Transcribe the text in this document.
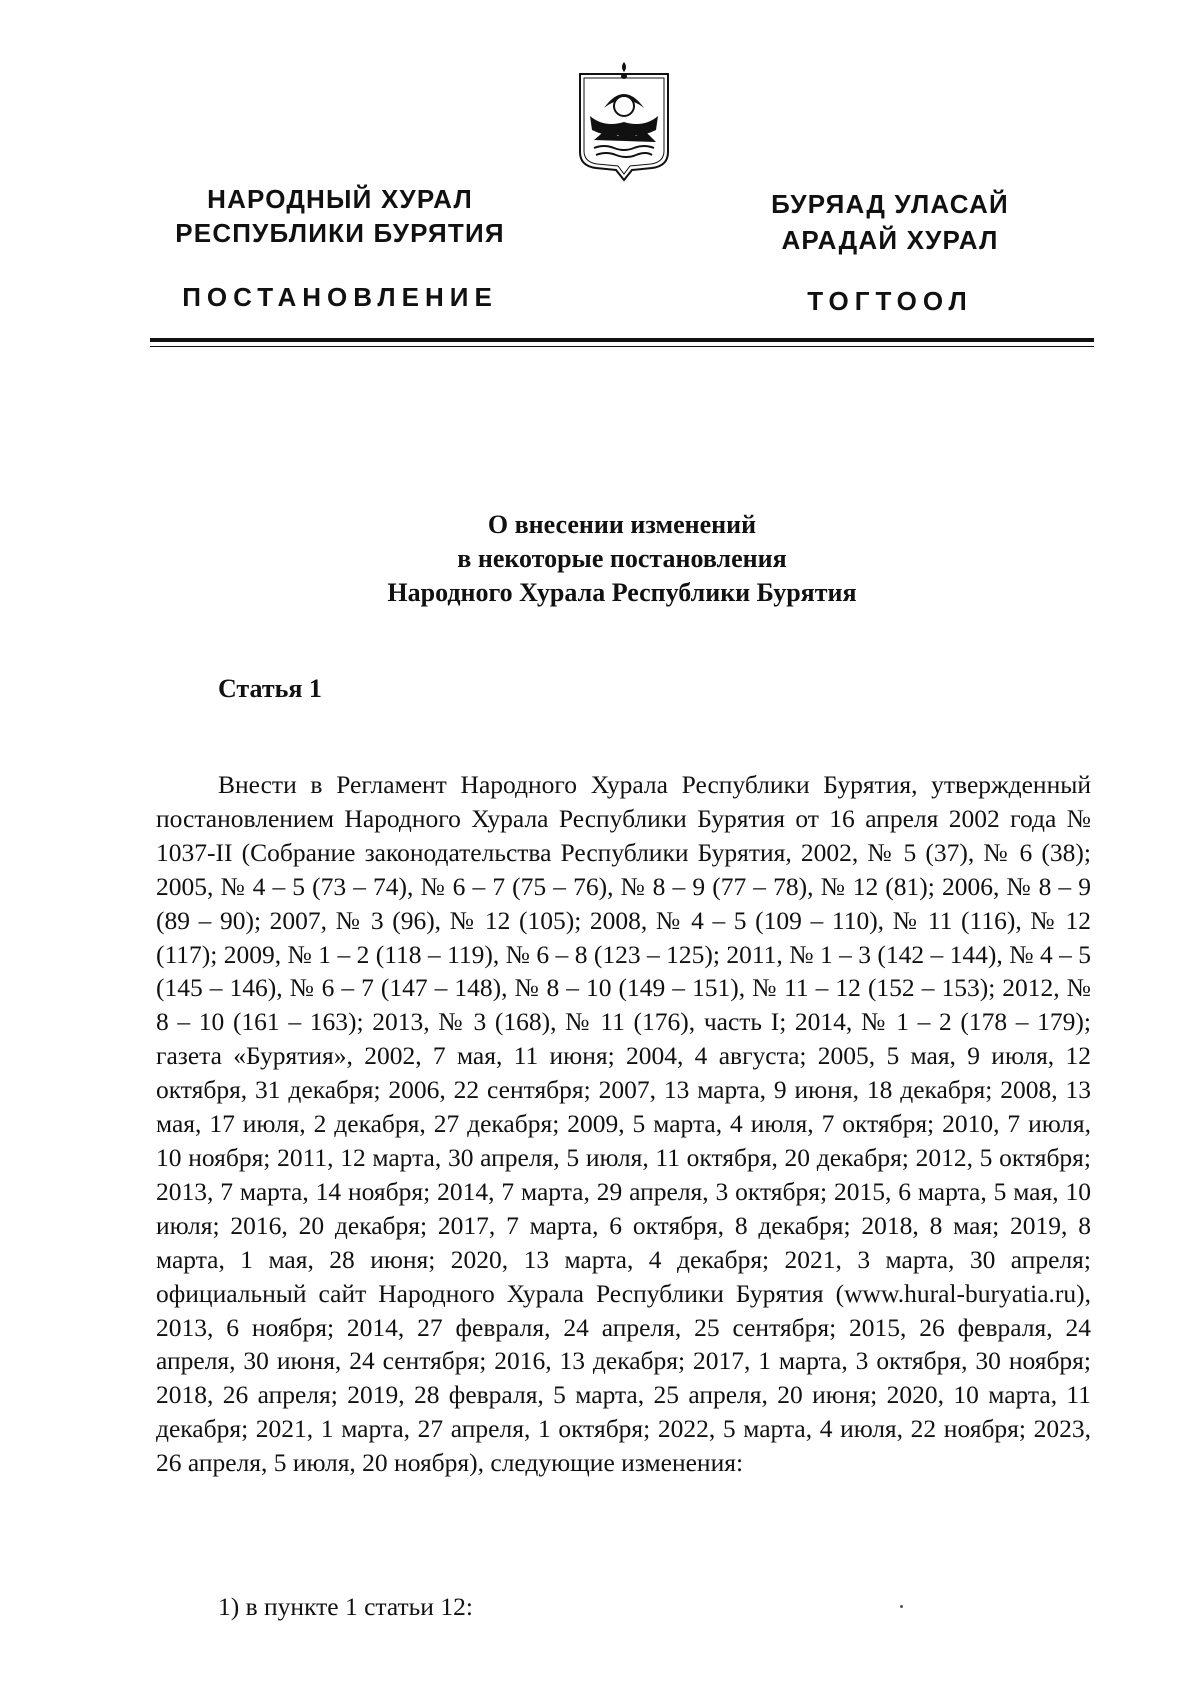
НАРОДНЫЙ ХУРАЛ
РЕСПУБЛИКИ БУРЯТИЯ
БУРЯАД УЛАСАЙ
АРАДАЙ ХУРАЛ
ПОСТАНОВЛЕНИЕ	ТОГТООЛ
О внесении изменений
в некоторые постановления
Народного Хурала Республики Бурятия
Статья 1

Внести в Регламент Народного Хурала Республики Бурятия, утвержденный постановлением Народного Хурала Республики Бурятия от 16 апреля 2002 года № 1037-II (Собрание законодательства Республики Бурятия, 2002, № 5 (37), № 6 (38); 2005, № 4 – 5 (73 – 74), № 6 – 7 (75 – 76), № 8 – 9 (77 – 78), № 12 (81); 2006, № 8 – 9 (89 – 90); 2007, № 3 (96), № 12 (105); 2008, № 4 – 5 (109 – 110), № 11 (116), № 12 (117); 2009, № 1 – 2 (118 – 119), № 6 – 8 (123 – 125); 2011, № 1 – 3 (142 – 144), № 4 – 5 (145 – 146), № 6 – 7 (147 – 148), № 8 – 10 (149 – 151), № 11 – 12 (152 – 153); 2012, № 8 – 10 (161 – 163); 2013, № 3 (168), № 11 (176), часть I; 2014, № 1 – 2 (178 – 179); газета «Бурятия», 2002, 7 мая, 11 июня; 2004, 4 августа; 2005, 5 мая, 9 июля, 12 октября, 31 декабря; 2006, 22 сентября; 2007, 13 марта, 9 июня, 18 декабря; 2008, 13 мая, 17 июля, 2 декабря, 27 декабря; 2009, 5 марта, 4 июля, 7 октября; 2010, 7 июля, 10 ноября; 2011, 12 марта, 30 апреля, 5 июля, 11 октября, 20 декабря; 2012, 5 октября; 2013, 7 марта, 14 ноября; 2014, 7 марта, 29 апреля, 3 октября; 2015, 6 марта, 5 мая, 10 июля; 2016, 20 декабря; 2017, 7 марта, 6 октября, 8 декабря; 2018, 8 мая; 2019, 8 марта, 1 мая, 28 июня; 2020, 13 марта, 4 декабря; 2021, 3 марта, 30 апреля; официальный сайт Народного Хурала Республики Бурятия (www.hural-buryatia.ru), 2013, 6 ноября; 2014, 27 февраля, 24 апреля, 25 сентября; 2015, 26 февраля, 24 апреля, 30 июня, 24 сентября; 2016, 13 декабря; 2017, 1 марта, 3 октября, 30 ноября; 2018, 26 апреля; 2019, 28 февраля, 5 марта, 25 апреля, 20 июня; 2020, 10 марта, 11 декабря; 2021, 1 марта, 27 апреля, 1 октября; 2022, 5 марта, 4 июля, 22 ноября; 2023, 26 апреля, 5 июля, 20 ноября), следующие изменения:

1) в пункте 1 статьи 12:
